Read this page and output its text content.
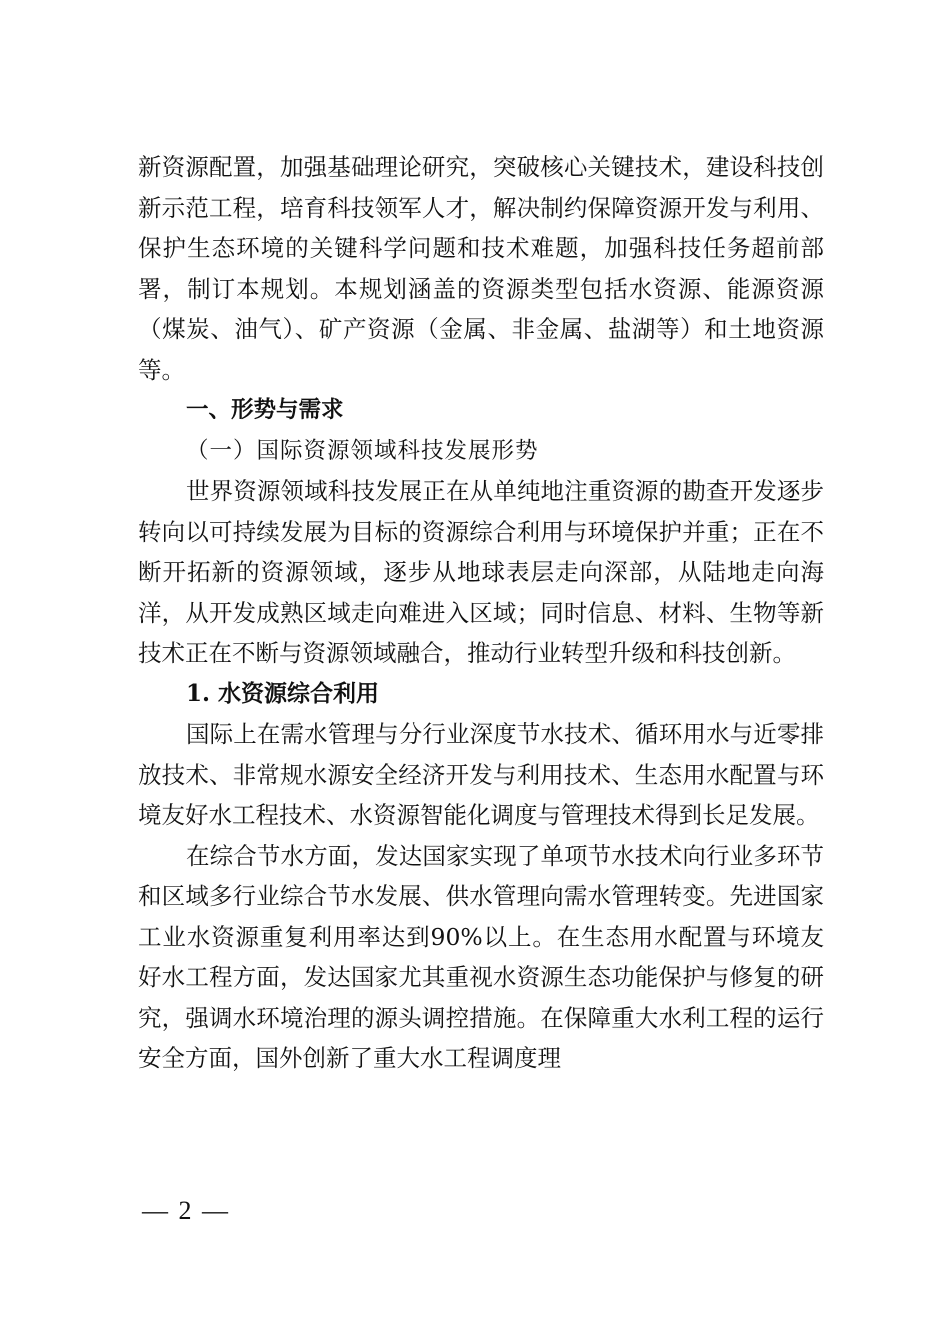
新资源配置，加强基础理论研究，突破核心关键技术，建设科技创新示范工程，培育科技领军人才，解决制约保障资源开发与利用、保护生态环境的关键科学问题和技术难题，加强科技任务超前部署，制订本规划。本规划涵盖的资源类型包括水资源、能源资源（煤炭、油气）、矿产资源（金属、非金属、盐湖等）和土地资源等。

一、形势与需求

（一）国际资源领域科技发展形势

世界资源领域科技发展正在从单纯地注重资源的勘查开发逐步转向以可持续发展为目标的资源综合利用与环境保护并重；正在不断开拓新的资源领域，逐步从地球表层走向深部，从陆地走向海洋，从开发成熟区域走向难进入区域；同时信息、材料、生物等新技术正在不断与资源领域融合，推动行业转型升级和科技创新。

1. 水资源综合利用

国际上在需水管理与分行业深度节水技术、循环用水与近零排放技术、非常规水源安全经济开发与利用技术、生态用水配置与环境友好水工程技术、水资源智能化调度与管理技术得到长足发展。

在综合节水方面，发达国家实现了单项节水技术向行业多环节和区域多行业综合节水发展、供水管理向需水管理转变。先进国家工业水资源重复利用率达到90%以上。在生态用水配置与环境友好水工程方面，发达国家尤其重视水资源生态功能保护与修复的研究，强调水环境治理的源头调控措施。在保障重大水利工程的运行安全方面，国外创新了重大水工程调度理

— 2 —
